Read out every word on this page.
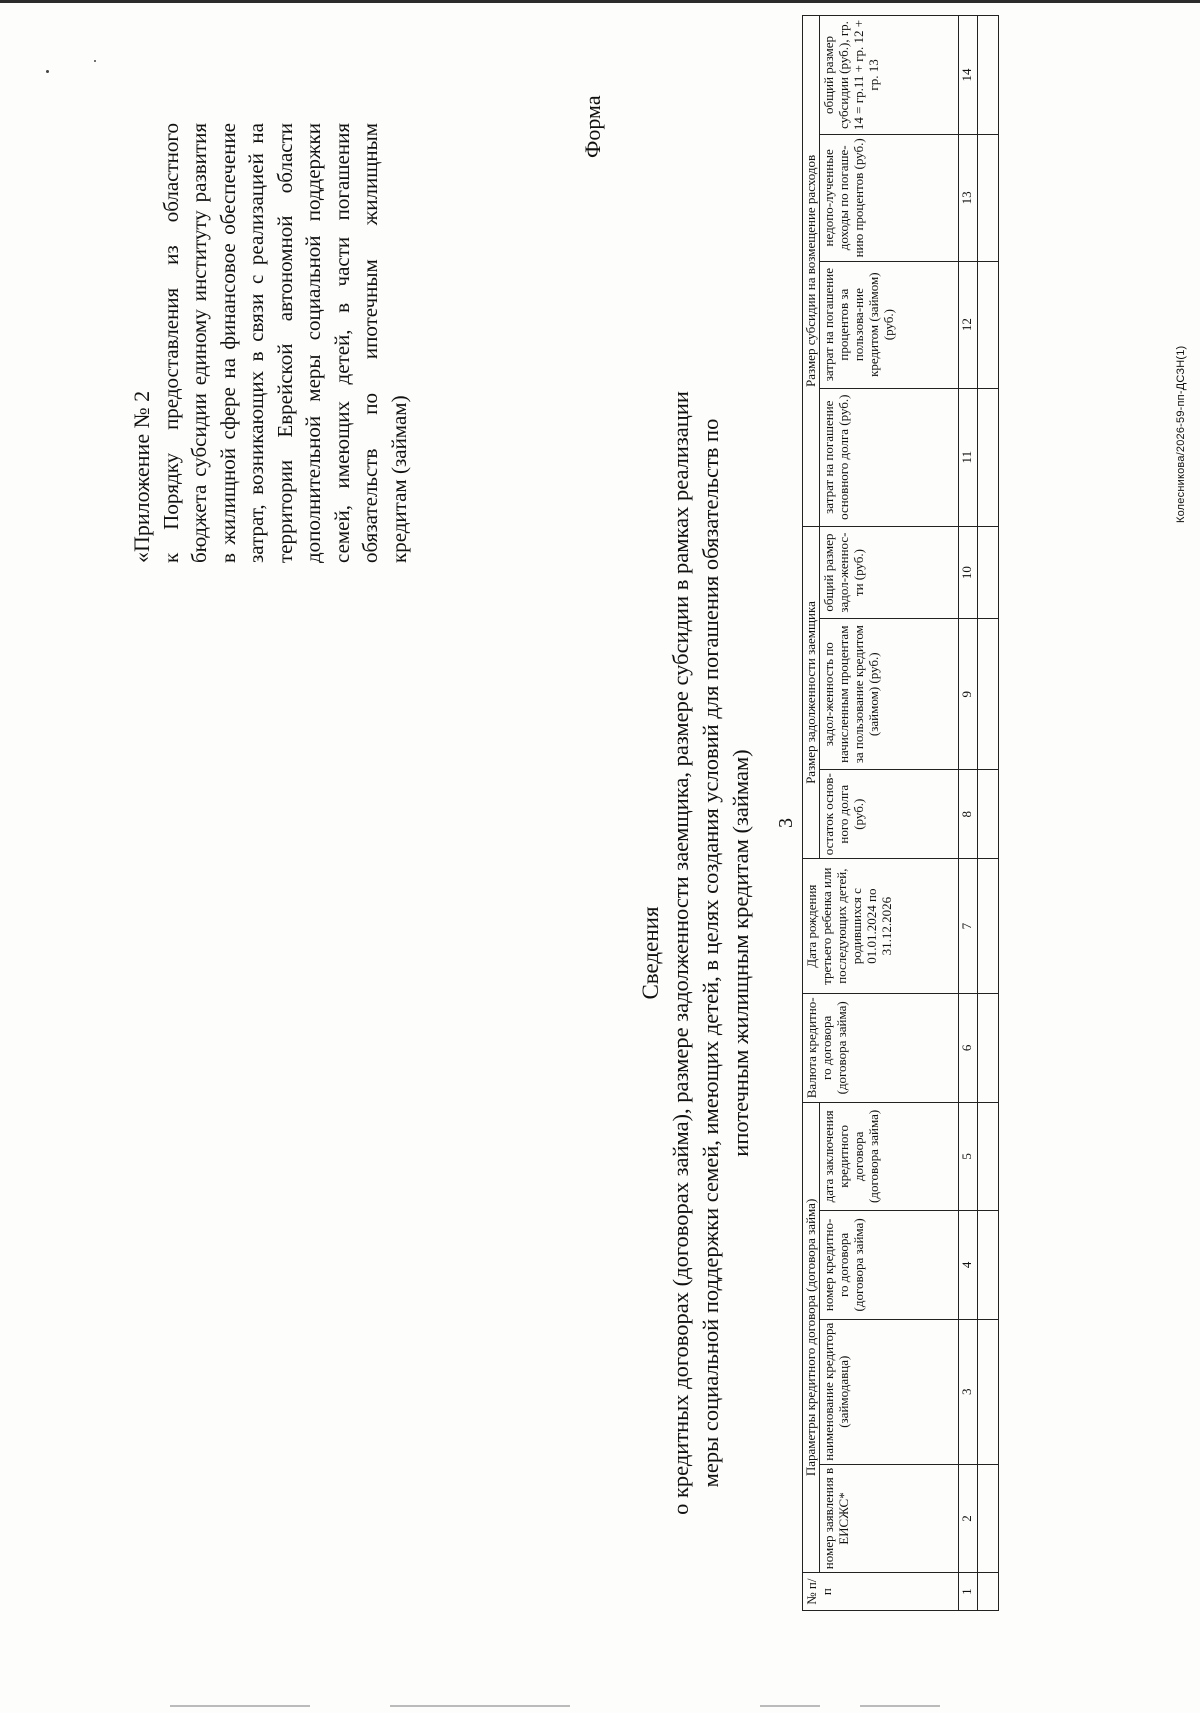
3
«Приложение № 2 к Порядку предоставления из областного бюджета субсидии единому институту развития в жилищной сфере на финансовое обеспечение затрат, возникающих в связи с реализацией на территории Еврейской автономной области дополнительной меры социальной поддержки семей, имеющих детей, в части погашения обязательств по ипотечным жилищным кредитам (займам)
Форма
Сведения о кредитных договорах (договорах займа), размере задолженности заемщика, размере субсидии в рамках реализации меры социальной поддержки семей, имеющих детей, в целях создания условий для погашения обязательств по ипотечным жилищным кредитам (займам)
№ п/п	Параметры кредитного договора (договора займа)				Валюта кредитно-го договора (договора займа)	Дата рождения третьего ребенка или последующих детей, родившихся с 01.01.2024 по 31.12.2026	Размер задолженности заемщика			Размер субсидии на возмещение расходов			
	номер заявления в ЕИСЖС*	наименование кредитора (займодавца)	номер кредитно-го договора (договора займа)	дата заключения кредитного договора (договора займа)			остаток основ-ного долга (руб.)	задол-женность по начисленным процентам за пользование кредитом (займом) (руб.)	общий размер задол-женнос-ти (руб.)	затрат на погашение основного долга (руб.)	затрат на погашение процентов за пользова-ние кредитом (займом) (руб.)	недопо-лученные доходы по погаше-нию процентов (руб.)	общий размер субсидии (руб.), гр. 14 = гр.11 + гр. 12 + гр. 13
1	2	3	4	5	6	7	8	9	10	11	12	13	14

Колесникова/2026-59-пп-ДСЗН(1)
